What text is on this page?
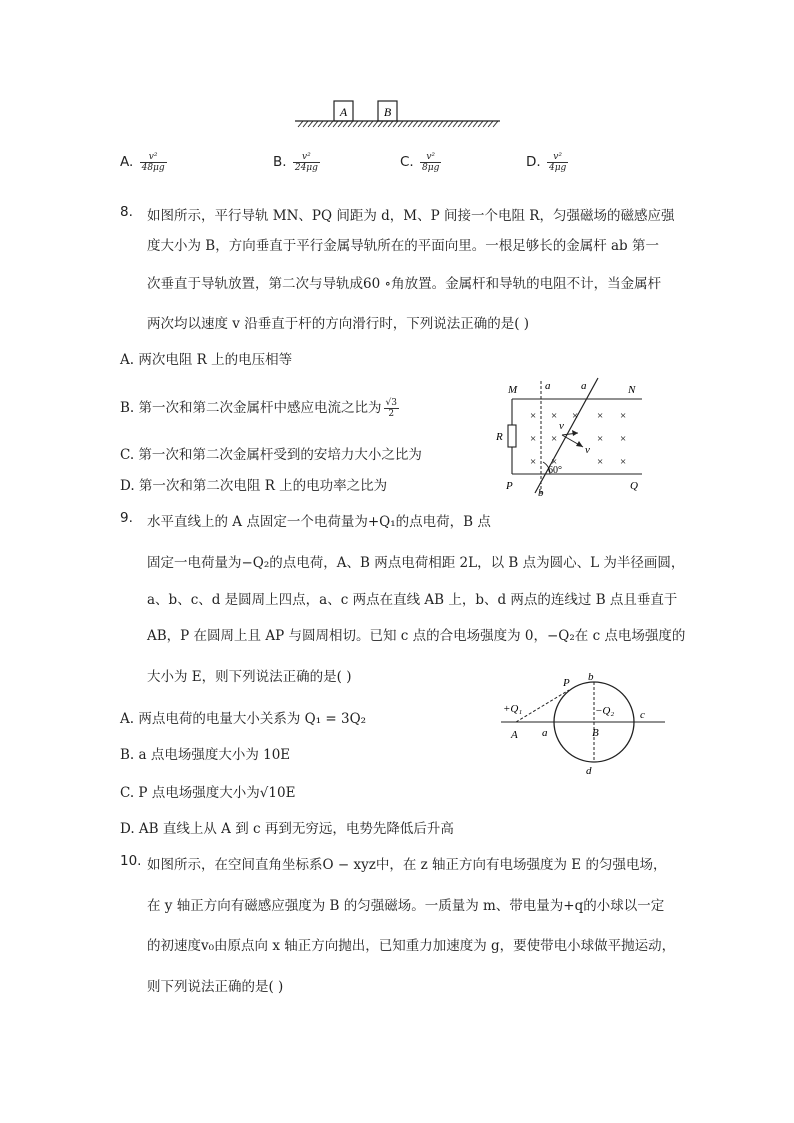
A	B
A. $\frac{\text{v²}}{48\mu g}$	B. $\frac{\text{v²}}{24\mu g}$	C. $\frac{\text{v²}}{8\mu g}$	D. $\frac{\text{v²}}{4\mu g}$
8. 如图所示，平行导轨 MN、PQ 间距为 d，M、P 间接一个电阻 R，匀强磁场的磁感应强
度大小为 B，方向垂直于平行金属导轨所在的平面向里。一根足够长的金属杆 ab 第一
次垂直于导轨放置，第二次与导轨成60 ∘角放置。金属杆和导轨的电阻不计，当金属杆
两次均以速度 v 沿垂直于杆的方向滑行时，下列说法正确的是( )
A. 两次电阻 R 上的电压相等
B. 第一次和第二次金属杆中感应电流之比为 $\frac{√3}{2}$
C. 第一次和第二次金属杆受到的安培力大小之比为
D. 第一次和第二次电阻 R 上的电功率之比为
M	a	a	N
R
v
v
P
b
Q
60°
× × × × ×
× ×	× ×
× ×	× ×
9. 水平直线上的 A 点固定一个电荷量为+Q₁的点电荷，B 点
固定一电荷量为−Q₂的点电荷，A、B 两点电荷相距 2L，以 B 点为圆心、L 为半径画圆，
a、b、c、d 是圆周上四点，a、c 两点在直线 AB 上，b、d 两点的连线过 B 点且垂直于
AB，P 在圆周上且 AP 与圆周相切。已知 c 点的合电场强度为 0，−Q₂在 c 点电场强度的
大小为 E，则下列说法正确的是( )
A. 两点电荷的电量大小关系为 Q₁ = 3Q₂
B. a 点电场强度大小为 10E
C. P 点电场强度大小为√10E
D. AB 直线上从 A 到 c 再到无穷远，电势先降低后升高
P b
+Q₁	−Q₂ c
A a	B
d
10. 如图所示，在空间直角坐标系O − xyz中，在 z 轴正方向有电场强度为 E 的匀强电场，
在 y 轴正方向有磁感应强度为 B 的匀强磁场。一质量为 m、带电量为+q的小球以一定
的初速度v₀由原点向 x 轴正方向抛出，已知重力加速度为 g，要使带电小球做平抛运动，
则下列说法正确的是( )
